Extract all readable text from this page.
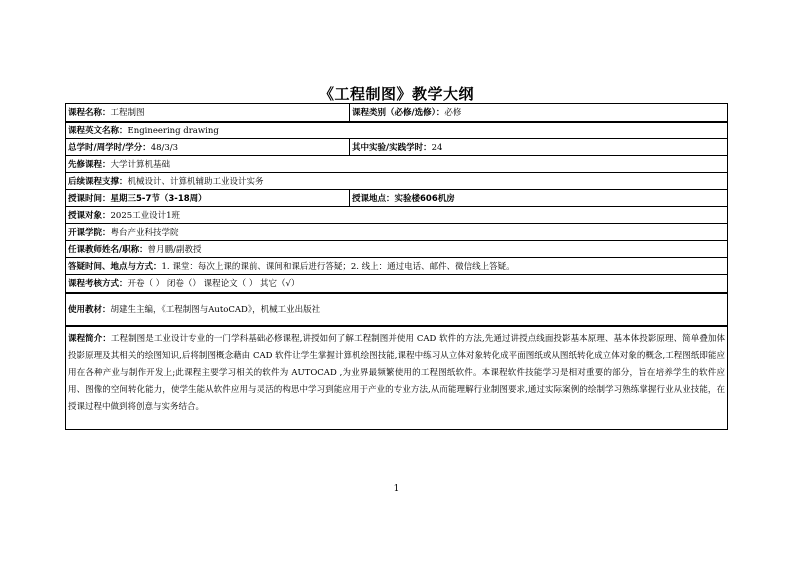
《工程制图》教学大纲
课程名称：工程制图	课程类别（必修/选修）：必修
课程英文名称：Engineering drawing	
总学时/周学时/学分：48/3/3	其中实验/实践学时：24
先修课程：大学计算机基础	
后续课程支撑：机械设计、计算机辅助工业设计实务	
授课时间：星期三5-7节（3-18周）	授课地点：实验楼606机房
授课对象：2025工业设计1班	
开课学院：粤台产业科技学院	
任课教师姓名/职称：曾月鹏/副教授	
答疑时间、地点与方式：1. 课堂：每次上课的课前、课间和课后进行答疑；2. 线上：通过电话、邮件、微信线上答疑。	
课程考核方式：开卷（ ） 闭卷（） 课程论文（ ） 其它（√）	
使用教材：胡建生主编，《工程制图与AutoCAD》，机械工业出版社	
课程简介：工程制图是工业设计专业的一门学科基础必修课程,讲授如何了解工程制图并使用 CAD 软件的方法,先通过讲授点线面投影基本原理、基本体投影原理、简单叠加体投影原理及其相关的绘图知识,后将制图概念藉由 CAD 软件让学生掌握计算机绘图技能,课程中练习从立体对象转化成平面图纸或从图纸转化成立体对象的概念,工程图纸即能应用在各种产业与制作开发上;此课程主要学习相关的软件为 AUTOCAD ,为业界最频繁使用的工程图纸软件。本课程软件技能学习是相对重要的部分，旨在培养学生的软件应用、图像的空间转化能力，使学生能从软件应用与灵活的构思中学习到能应用于产业的专业方法,从而能理解行业制图要求,通过实际案例的绘制学习熟练掌握行业从业技能，在授课过程中做到将创意与实务结合。	
1
